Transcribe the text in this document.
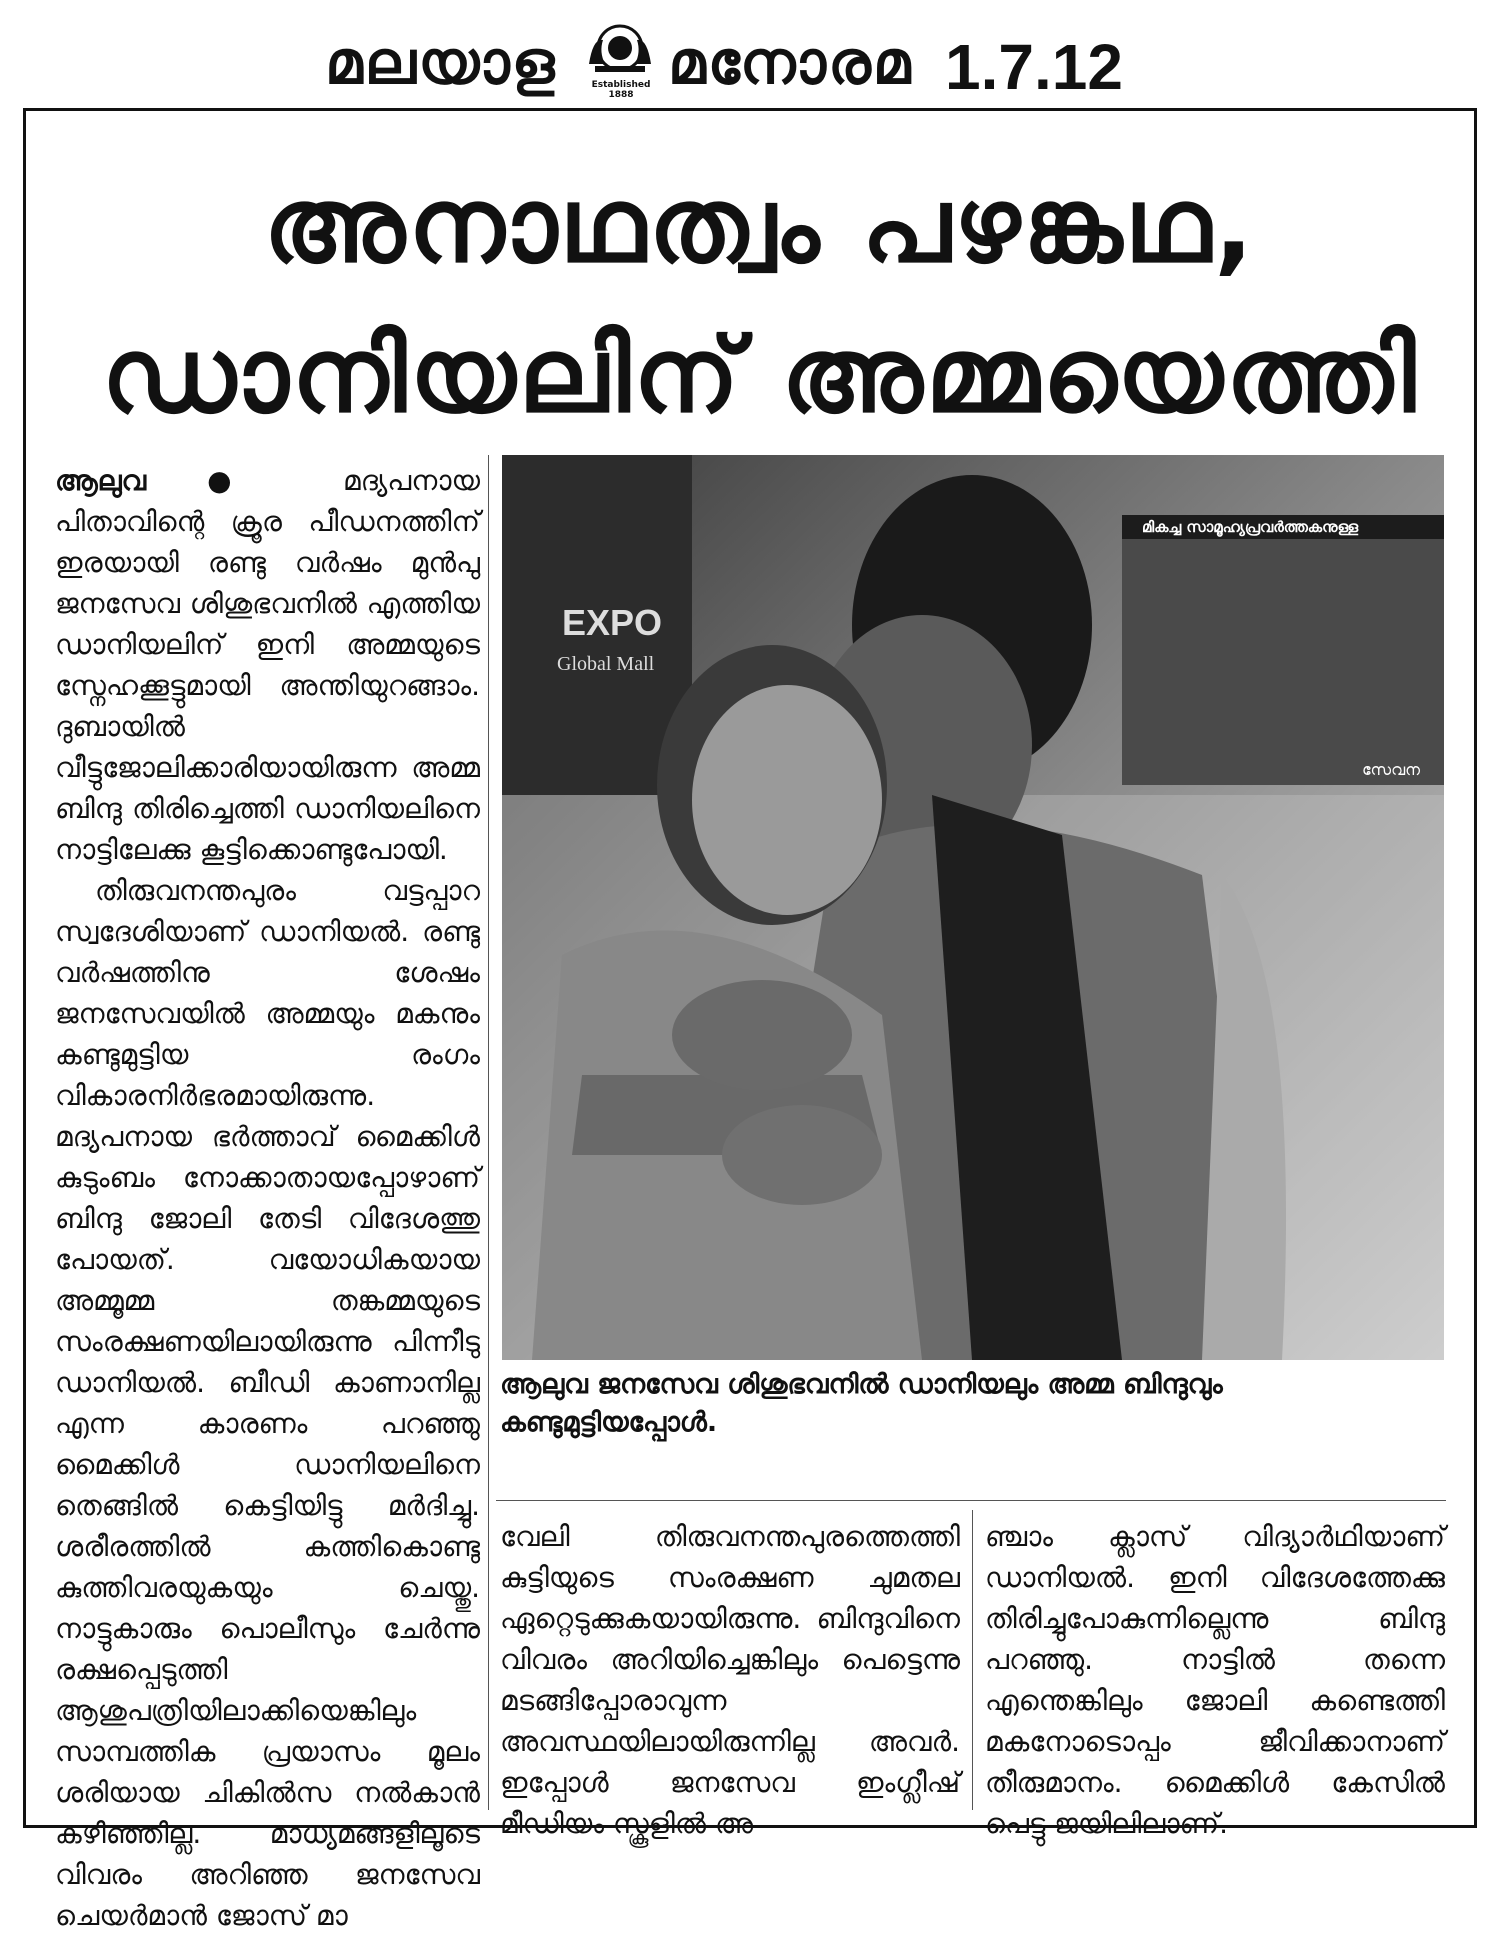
മലയാള	Established 1888 മനോരമ 1.7.12
അനാഥത്വം പഴങ്കഥ,
ഡാനിയലിന് അമ്മയെത്തി
മികച്ച സാമൂഹ്യപ്രവർത്തകനുള്ള
EXPO
Global Mall
സേവന
ആലുവ ജനസേവ ശിശുഭവനിൽ ഡാനിയലും അമ്മ ബിന്ദുവും കണ്ടുമുട്ടിയപ്പോൾ.

ആലുവ ● മദ്യപനായ പിതാവിന്റെ ക്രൂര പീഡനത്തിന് ഇരയായി രണ്ടു വർഷം മുൻപു ജനസേവ ശിശുഭവനിൽ എത്തിയ ഡാനിയലിന് ഇനി അമ്മയുടെ സ്നേഹക്കൂട്ടുമായി അന്തിയുറങ്ങാം. ദുബായിൽ വീട്ടുജോലിക്കാരിയായിരുന്ന അമ്മ ബിന്ദു തിരിച്ചെത്തി ഡാനിയലിനെ നാട്ടിലേക്കു കൂട്ടിക്കൊണ്ടുപോയി.

തിരുവനന്തപുരം വട്ടപ്പാറ സ്വദേശിയാണ് ഡാനിയൽ. രണ്ടു വർഷത്തിനു ശേഷം ജനസേവയിൽ അമ്മയും മകനും കണ്ടുമുട്ടിയ രംഗം വികാരനിർഭരമായിരുന്നു. മദ്യപനായ ഭർത്താവ് മൈക്കിൾ കുടുംബം നോക്കാതായപ്പോഴാണ് ബിന്ദു ജോലി തേടി വിദേശത്തു പോയത്. വയോധികയായ അമ്മൂമ്മ തങ്കമ്മയുടെ സംരക്ഷണയിലായിരുന്നു പിന്നീടു ഡാനിയൽ. ബീഡി കാണാനില്ല എന്ന കാരണം പറഞ്ഞു മൈക്കിൾ ഡാനിയലിനെ തെങ്ങിൽ കെട്ടിയിട്ടു മർദിച്ചു. ശരീരത്തിൽ കത്തികൊണ്ടു കുത്തിവരയുകയും ചെയ്തു. നാട്ടുകാരും പൊലീസും ചേർന്നു രക്ഷപ്പെടുത്തി ആശുപത്രിയിലാക്കിയെങ്കിലും സാമ്പത്തിക പ്രയാസം മൂലം ശരിയായ ചികിൽസ നൽകാൻ കഴിഞ്ഞില്ല. മാധ്യമങ്ങളിലൂടെ വിവരം അറിഞ്ഞ ജനസേവ ചെയർമാൻ ജോസ് മാ

വേലി തിരുവനന്തപുരത്തെത്തി കുട്ടിയുടെ സംരക്ഷണ ചുമതല ഏറ്റെടുക്കുകയായിരുന്നു. ബിന്ദുവിനെ വിവരം അറിയിച്ചെങ്കിലും പെട്ടെന്നു മടങ്ങിപ്പോരാവുന്ന അവസ്ഥയിലായിരുന്നില്ല അവർ. ഇപ്പോൾ ജനസേവ ഇംഗ്ലീഷ് മീഡിയം സ്കൂളിൽ അ

ഞ്ചാം ക്ലാസ് വിദ്യാർഥിയാണ് ഡാനിയൽ. ഇനി വിദേശത്തേക്കു തിരിച്ചുപോകുന്നില്ലെന്നു ബിന്ദു പറഞ്ഞു. നാട്ടിൽ തന്നെ എന്തെങ്കിലും ജോലി കണ്ടെത്തി മകനോടൊപ്പം ജീവിക്കാനാണ് തീരുമാനം. മൈക്കിൾ കേസിൽ പെട്ടു ജയിലിലാണ്.
